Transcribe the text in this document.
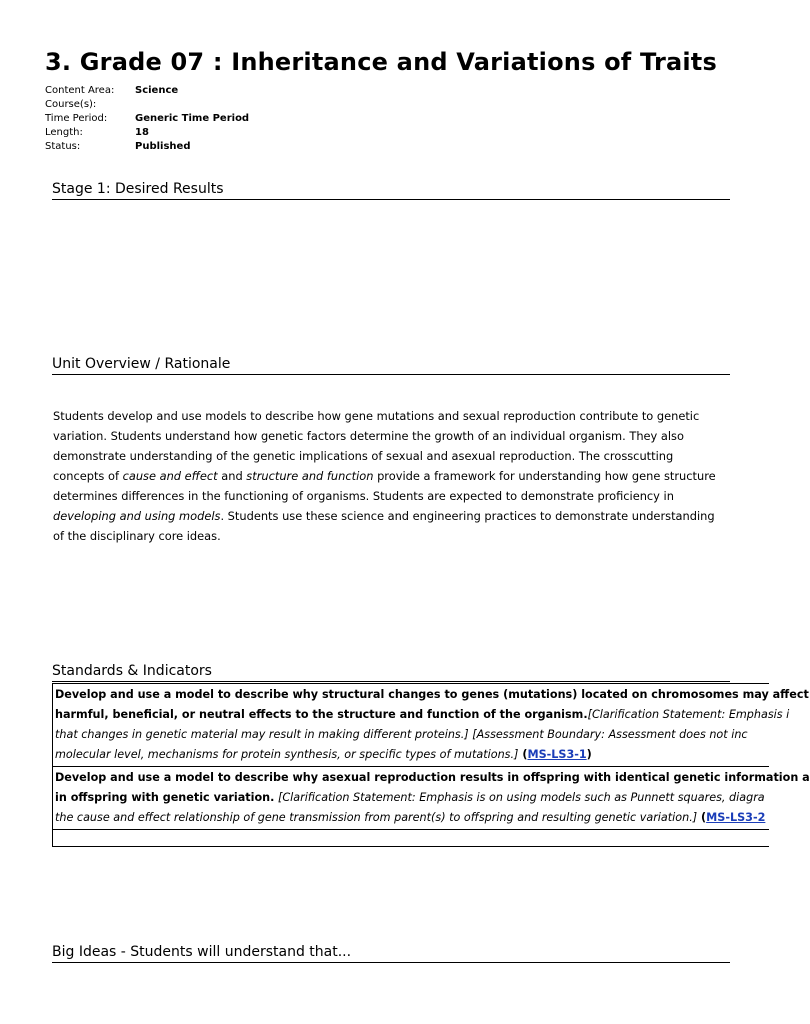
3. Grade 07 : Inheritance and Variations of Traits
Content Area:	Science
Course(s):
Time Period:	Generic Time Period
Length:	18
Status:	Published
Stage 1: Desired Results
Unit Overview / Rationale

Students develop and use models to describe how gene mutations and sexual reproduction contribute to genetic variation. Students understand how genetic factors determine the growth of an individual organism. They also demonstrate understanding of the genetic implications of sexual and asexual reproduction. The crosscutting concepts of cause and effect and structure and function provide a framework for understanding how gene structure determines differences in the functioning of organisms. Students are expected to demonstrate proficiency in developing and using models. Students use these science and engineering practices to demonstrate understanding of the disciplinary core ideas.

Standards & Indicators
Develop and use a model to describe why structural changes to genes (mutations) located on chromosomes may affect
harmful, beneficial, or neutral effects to the structure and function of the organism.[Clarification Statement: Emphasis i
that changes in genetic material may result in making different proteins.] [Assessment Boundary: Assessment does not inc
molecular level, mechanisms for protein synthesis, or specific types of mutations.] (MS-LS3-1)
Develop and use a model to describe why asexual reproduction results in offspring with identical genetic information a
in offspring with genetic variation. [Clarification Statement: Emphasis is on using models such as Punnett squares, diagra
the cause and effect relationship of gene transmission from parent(s) to offspring and resulting genetic variation.] (MS-LS3-2
Big Ideas - Students will understand that...
